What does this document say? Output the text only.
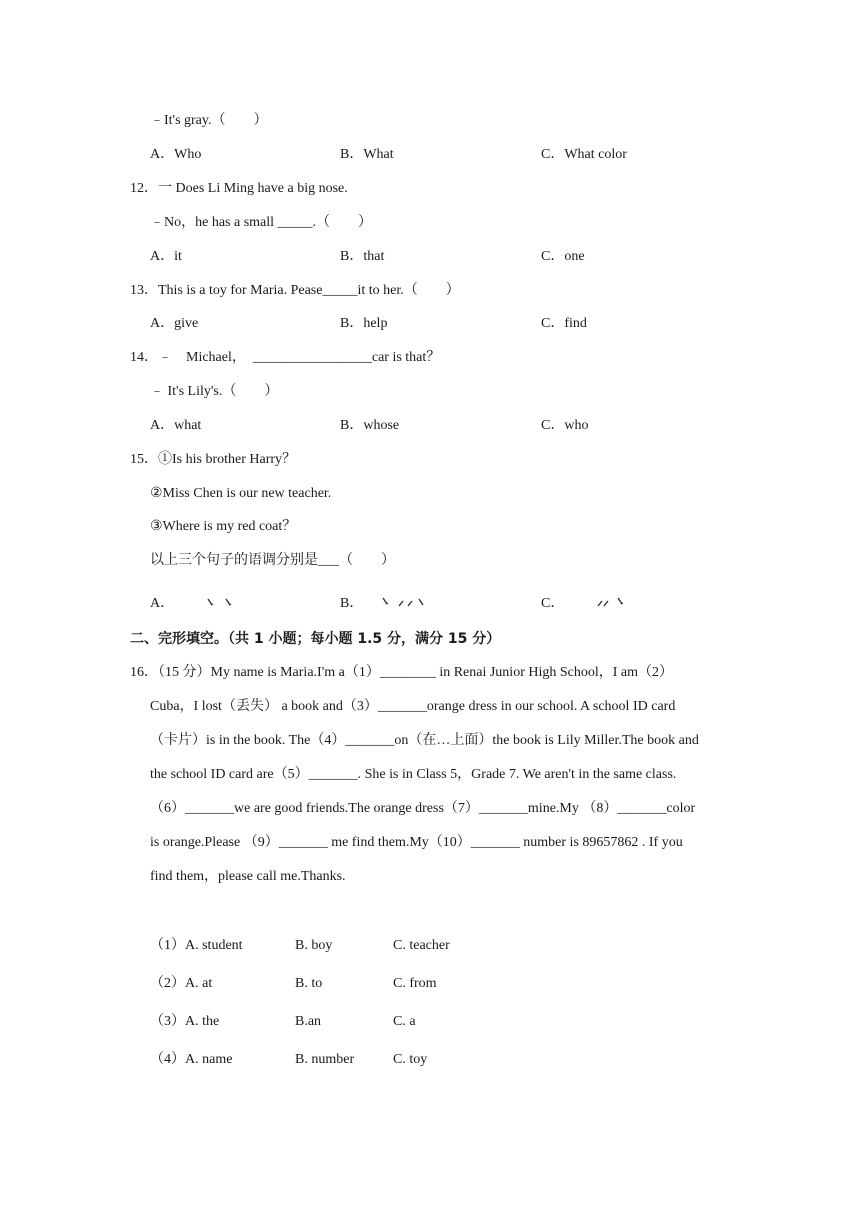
﹣It's gray.（　　）
A．Who	B．What	C．What color
12．一 Does Li Ming have a big nose.
﹣No，he has a small _____.（　　）
A．it	B．that	C．one
13．This is a toy for Maria. Pease_____it to her.（　　）
A．give	B．help	C．find
14．﹣　Michael，　_________________car is that？
﹣ It's Lily's.（　　）
A．what	B．whose	C．who
15．①Is his brother Harry？
②Miss Chen is our new teacher.
③Where is my red coat？
以上三个句子的语调分别是___（　　）
A．	B．	C．
二、完形填空。（共 1 小题；每小题 1.5 分，满分 15 分）
16．（15 分）My name is Maria.I'm a（1）________ in Renai Junior High School，I am（2）
Cuba，I lost（丢失） a book and（3）_______orange dress in our school. A school ID card
（卡片）is in the book. The（4）_______on（在…上面）the book is Lily Miller.The book and
the school ID card are（5）_______. She is in Class 5，Grade 7. We aren't in the same class.
（6）_______we are good friends.The orange dress（7）_______mine.My （8）_______color
is orange.Please （9）_______ me find them.My（10）_______ number is 89657862 . If you
find them，please call me.Thanks.
（1）A. student	B. boy	C. teacher
（2）A. at	B. to	C. from
（3）A. the	B.an	C. a
（4）A. name	B. number	C. toy
